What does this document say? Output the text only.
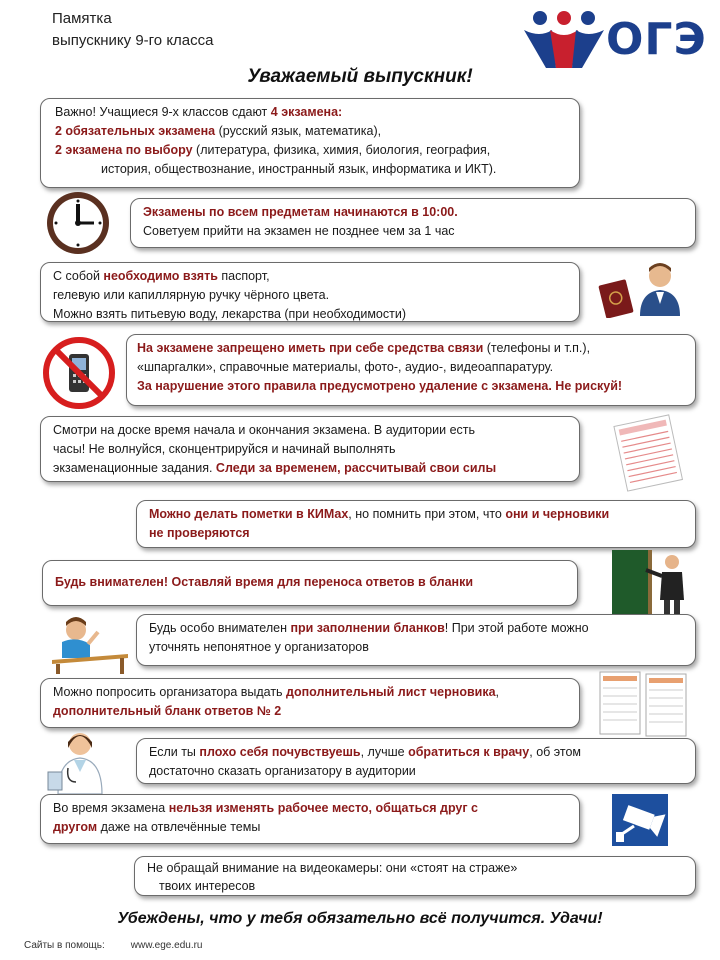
Памятка
выпускнику 9-го класса	ОГЭ
Уважаемый выпускник!
Важно! Учащиеся 9-х классов сдают 4 экзамена:
2 обязательных экзамена (русский язык, математика),
2 экзамена по выбору (литература, физика, химия, биология, география,
история, обществознание, иностранный язык, информатика и ИКТ).
Экзамены по всем предметам начинаются в 10:00.
Советуем прийти на экзамен не позднее чем за 1 час
С собой необходимо взять паспорт,
гелевую или капиллярную ручку чёрного цвета.
Можно взять питьевую воду, лекарства (при необходимости)
На экзамене запрещено иметь при себе средства связи (телефоны и т.п.),
«шпаргалки», справочные материалы, фото-, аудио-, видеоаппаратуру.
За нарушение этого правила предусмотрено удаление с экзамена. Не рискуй!
Смотри на доске время начала и окончания экзамена. В аудитории есть
часы! Не волнуйся, сконцентрируйся и начинай выполнять
экзаменационные задания. Следи за временем, рассчитывай свои силы
Можно делать пометки в КИМах, но помнить при этом, что они и черновики
не проверяются
Будь внимателен! Оставляй время для переноса ответов в бланки
Будь особо внимателен при заполнении бланков! При этой работе можно
уточнять непонятное у организаторов
Можно попросить организатора выдать дополнительный лист черновика,
дополнительный бланк ответов № 2
Если ты плохо себя почувствуешь, лучше обратиться к врачу, об этом
достаточно сказать организатору в аудитории
Во время экзамена нельзя изменять рабочее место, общаться друг с
другом даже на отвлечённые темы
Не обращай внимание на видеокамеры: они «стоят на страже»
твоих интересов
Убеждены, что у тебя обязательно всё получится. Удачи!
Сайты в помощь:	www.ege.edu.ru
